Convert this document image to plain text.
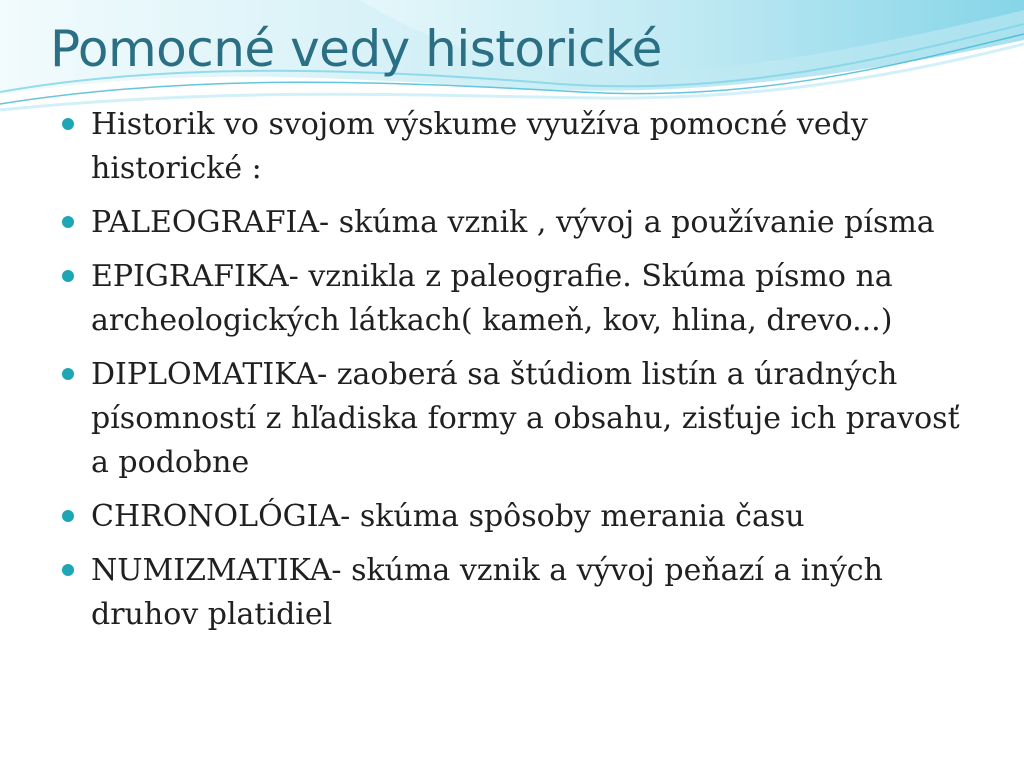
Pomocné vedy historické
Historik vo svojom výskume využíva pomocné vedy historické :
PALEOGRAFIA- skúma vznik , vývoj a používanie písma
EPIGRAFIKA- vznikla z paleografie. Skúma písmo na archeologických látkach( kameň, kov, hlina, drevo...)
DIPLOMATIKA- zaoberá sa štúdiom listín a úradných písomností z hľadiska formy a obsahu, zisťuje ich pravosť a podobne
CHRONOLÓGIA- skúma spôsoby merania času
NUMIZMATIKA- skúma vznik a vývoj peňazí a iných druhov platidiel
